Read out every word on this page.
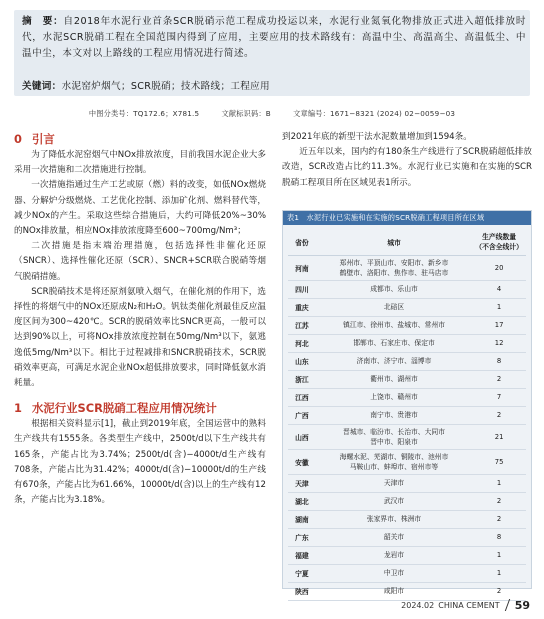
摘　要：自2018年水泥行业首条SCR脱硝示范工程成功投运以来，水泥行业氮氧化物排放正式进入超低排放时代，水泥SCR脱硝工程在全国范围内得到了应用，主要应用的技术路线有：高温中尘、高温高尘、高温低尘、中温中尘，本文对以上路线的工程应用情况进行简述。
关键词：水泥窑炉烟气；SCR脱硝；技术路线；工程应用
中图分类号：TQ172.6；X781.5　　　文献标识码：B　　　文章编号：1671−8321 (2024) 02−0059−03
0 引言

为了降低水泥窑烟气中NOx排放浓度，目前我国水泥企业大多采用一次措施和二次措施进行控制。

一次措施指通过生产工艺或原（燃）料的改变，如低NOx燃烧器、分解炉分级燃烧、工艺优化控制、添加矿化剂、燃料替代等，减少NOx的产生。采取这些综合措施后，大约可降低20%~30%的NOx排放量，相应NOx排放浓度降至600~700mg/Nm³；

二次措施是指末端治理措施，包括选择性非催化还原（SNCR）、选择性催化还原（SCR）、SNCR+SCR联合脱硝等烟气脱硝措施。

SCR脱硝技术是将还原剂氨喷入烟气，在催化剂的作用下，选择性的将烟气中的NOx还原成N₂和H₂O。钒钛类催化剂最佳反应温度区间为300~420℃。SCR的脱硝效率比SNCR更高，一般可以达到90%以上，可将NOx排放浓度控制在50mg/Nm³以下，氨逃逸低5mg/Nm³以下。相比于过程减排和SNCR脱硝技术，SCR脱硝效率更高，可满足水泥企业NOx超低排放要求，同时降低氨水消耗量。

1 水泥行业SCR脱硝工程应用情况统计

根据相关资料显示[1]，截止到2019年底，全国运营中的熟料生产线共有1555条。各类型生产线中，2500t/d以下生产线共有165条，产能占比为3.74%；2500t/d(含)−4000t/d生产线有708条，产能占比为31.42%；4000t/d(含)−10000t/d的生产线有670条，产能占比为61.66%，10000t/d(含)以上的生产线有12条，产能占比为3.18%。

到2021年底的新型干法水泥数量增加到1594条。

近五年以来，国内约有180条生产线进行了SCR脱硝超低排放改造，SCR改造占比约11.3%。水泥行业已实施和在实施的SCR脱硝工程项目所在区域见表1所示。

表1　水泥行业已实施和在实施的SCR脱硝工程项目所在区域
省份	城市	生产线数量
（不含全线计）

河南	郑州市、平顶山市、安阳市、新乡市
鹤壁市、洛阳市、焦作市、驻马店市	20
四川	成都市、乐山市	4
重庆	北碚区	1
江苏	镇江市、徐州市、盐城市、常州市	17
河北	邯郸市、石家庄市、保定市	12
山东	济南市、济宁市、淄博市	8
浙江	衢州市、湖州市	2
江西	上饶市、赣州市	7
广西	南宁市、贵港市	2
山西	晋城市、临汾市、长治市、大同市
晋中市、阳泉市	21
安徽	海螺水泥、芜湖市、铜陵市、池州市
马鞍山市、蚌埠市、宿州市等	75
天津	天津市	1
湖北	武汉市	2
湖南	张家界市、株洲市	2
广东	韶关市	8
福建	龙岩市	1
宁夏	中卫市	1
陕西	咸阳市	2
2024.02 CHINA CEMENT 59
